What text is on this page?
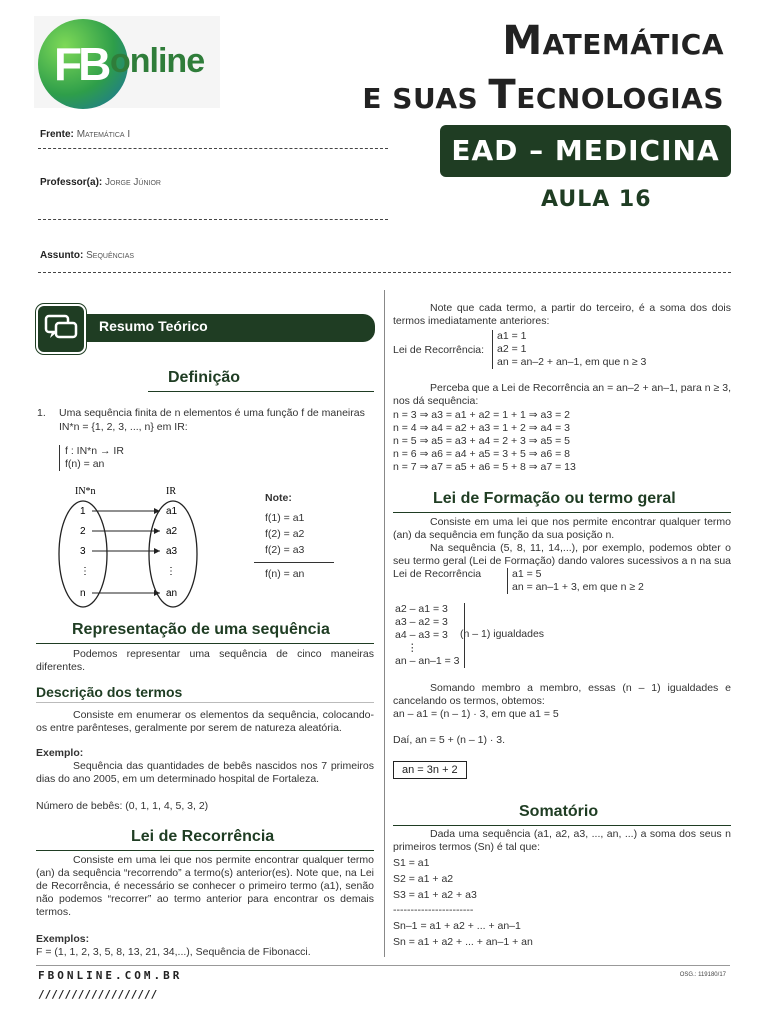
FB online	MATEMÁTICA
E SUAS TECNOLOGIAS
EAD – MEDICINA
AULA 16
Frente: Matemática I
Professor(a): Jorge Júnior
Assunto: Sequências
Resumo Teórico
Definição
1. Uma sequência finita de n elementos é uma função f de maneiras
IN*n = {1, 2, 3, ..., n} em IR:
f : IN*n → IR
f(n) = an
IN*n	IR
1	a1
2	a2
3	a3
⋮	⋮
n	an
Note:
f(1) = a1
f(2) = a2
f(2) = a3
f(n) = an
Representação de uma sequência
Podemos representar uma sequência de cinco maneiras diferentes.
Descrição dos termos
Consiste em enumerar os elementos da sequência, colocando-os entre parênteses, geralmente por serem de natureza aleatória.
Exemplo:
Sequência das quantidades de bebês nascidos nos 7 primeiros dias do ano 2005, em um determinado hospital de Fortaleza.
Número de bebês: (0, 1, 1, 4, 5, 3, 2)
Lei de Recorrência
Consiste em uma lei que nos permite encontrar qualquer termo (an) da sequência “recorrendo” a termo(s) anterior(es). Note que, na Lei de Recorrência, é necessário se conhecer o primeiro termo (a1), senão não podemos “recorrer” ao termo anterior para encontrar os demais termos.
Exemplos:
F = (1, 1, 2, 3, 5, 8, 13, 21, 34,...), Sequência de Fibonacci.
Note que cada termo, a partir do terceiro, é a soma dos dois termos imediatamente anteriores:
Lei de Recorrência:
a1 = 1
a2 = 1
an = an–2 + an–1, em que n ≥ 3
Perceba que a Lei de Recorrência an = an–2 + an–1, para n ≥ 3, nos dá sequência:
n = 3 ⇒ a3 = a1 + a2 = 1 + 1 ⇒ a3 = 2
n = 4 ⇒ a4 = a2 + a3 = 1 + 2 ⇒ a4 = 3
n = 5 ⇒ a5 = a3 + a4 = 2 + 3 ⇒ a5 = 5
n = 6 ⇒ a6 = a4 + a5 = 3 + 5 ⇒ a6 = 8
n = 7 ⇒ a7 = a5 + a6 = 5 + 8 ⇒ a7 = 13
Lei de Formação ou termo geral
Consiste em uma lei que nos permite encontrar qualquer termo (an) da sequência em função da sua posição n.
Na sequência (5, 8, 11, 14,...), por exemplo, podemos obter o seu termo geral (Lei de Formação) dando valores sucessivos a n na sua Lei de Recorrência	a1 = 5
an = an–1 + 3, em que n ≥ 2
a2 – a1 = 3
a3 – a2 = 3
a4 – a3 = 3
⋮
an – an–1 = 3
(n – 1) igualdades
Somando membro a membro, essas (n – 1) igualdades e cancelando os termos, obtemos:
an – a1 = (n – 1) · 3, em que a1 = 5
Daí, an = 5 + (n – 1) · 3.
an = 3n + 2
Somatório
Dada uma sequência (a1, a2, a3, ..., an, ...) a soma dos seus n primeiros termos (Sn) é tal que:
S1 = a1
S2 = a1 + a2
S3 = a1 + a2 + a3
-----------------------
Sn–1 = a1 + a2 + ... + an–1
Sn = a1 + a2 + ... + an–1 + an
FBONLINE.COM.BR
//////////////////
OSG.: 119180/17
